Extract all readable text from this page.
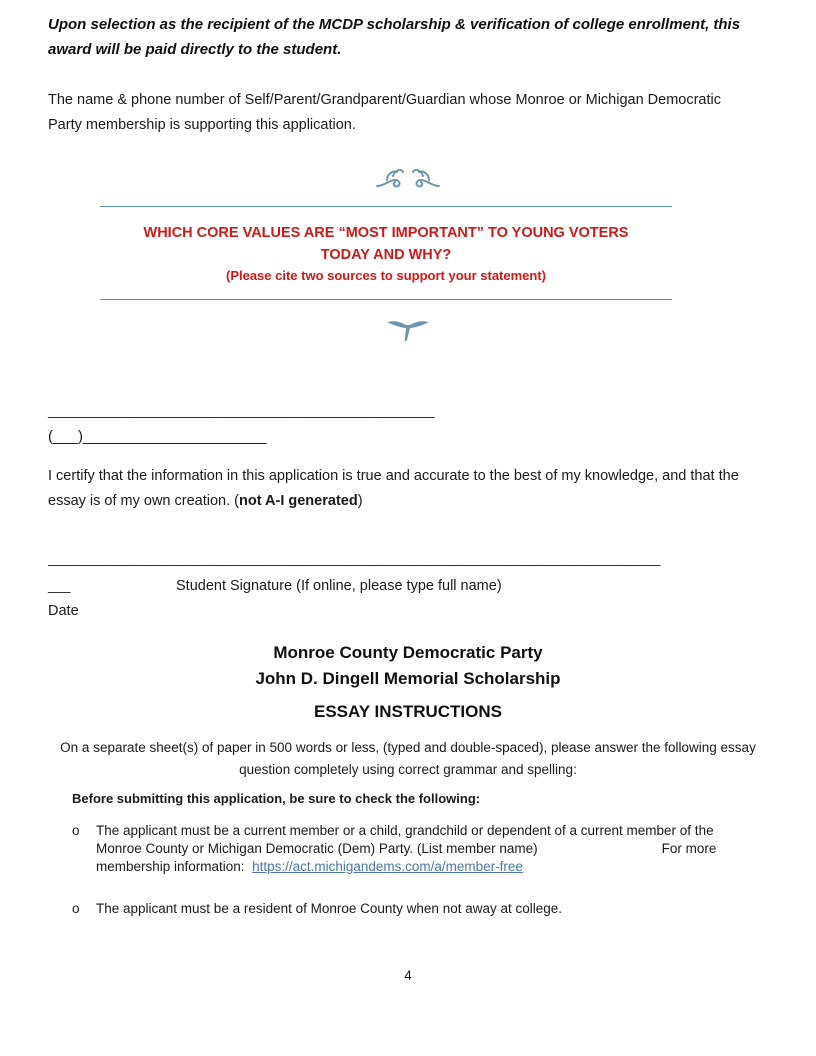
Upon selection as the recipient of the MCDP scholarship & verification of college enrollment, this award will be paid directly to the student.
The name & phone number of Self/Parent/Grandparent/Guardian whose Monroe or Michigan Democratic Party membership is supporting this application.
WHICH CORE VALUES ARE “MOST IMPORTANT” TO YOUNG VOTERS
TODAY AND WHY?
(Please cite two sources to support your statement)
_____________________________________________________
(___)______________________
I certify that the information in this application is true and accurate to the best of my knowledge, and that the essay is of my own creation. (not A-I generated)
____________________________________________________________________________________
___	Student Signature (If online, please type full name)
Date
Monroe County Democratic Party
John D. Dingell Memorial Scholarship
ESSAY INSTRUCTIONS
On a separate sheet(s) of paper in 500 words or less, (typed and double-spaced), please answer the following essay question completely using correct grammar and spelling:
Before submitting this application, be sure to check the following:
o	The applicant must be a current member or a child, grandchild or dependent of a current member of the Monroe County or Michigan Democratic (Dem) Party. (List member name)	For more membership information: https://act.michigandems.com/a/member-free
o	The applicant must be a resident of Monroe County when not away at college.
4
